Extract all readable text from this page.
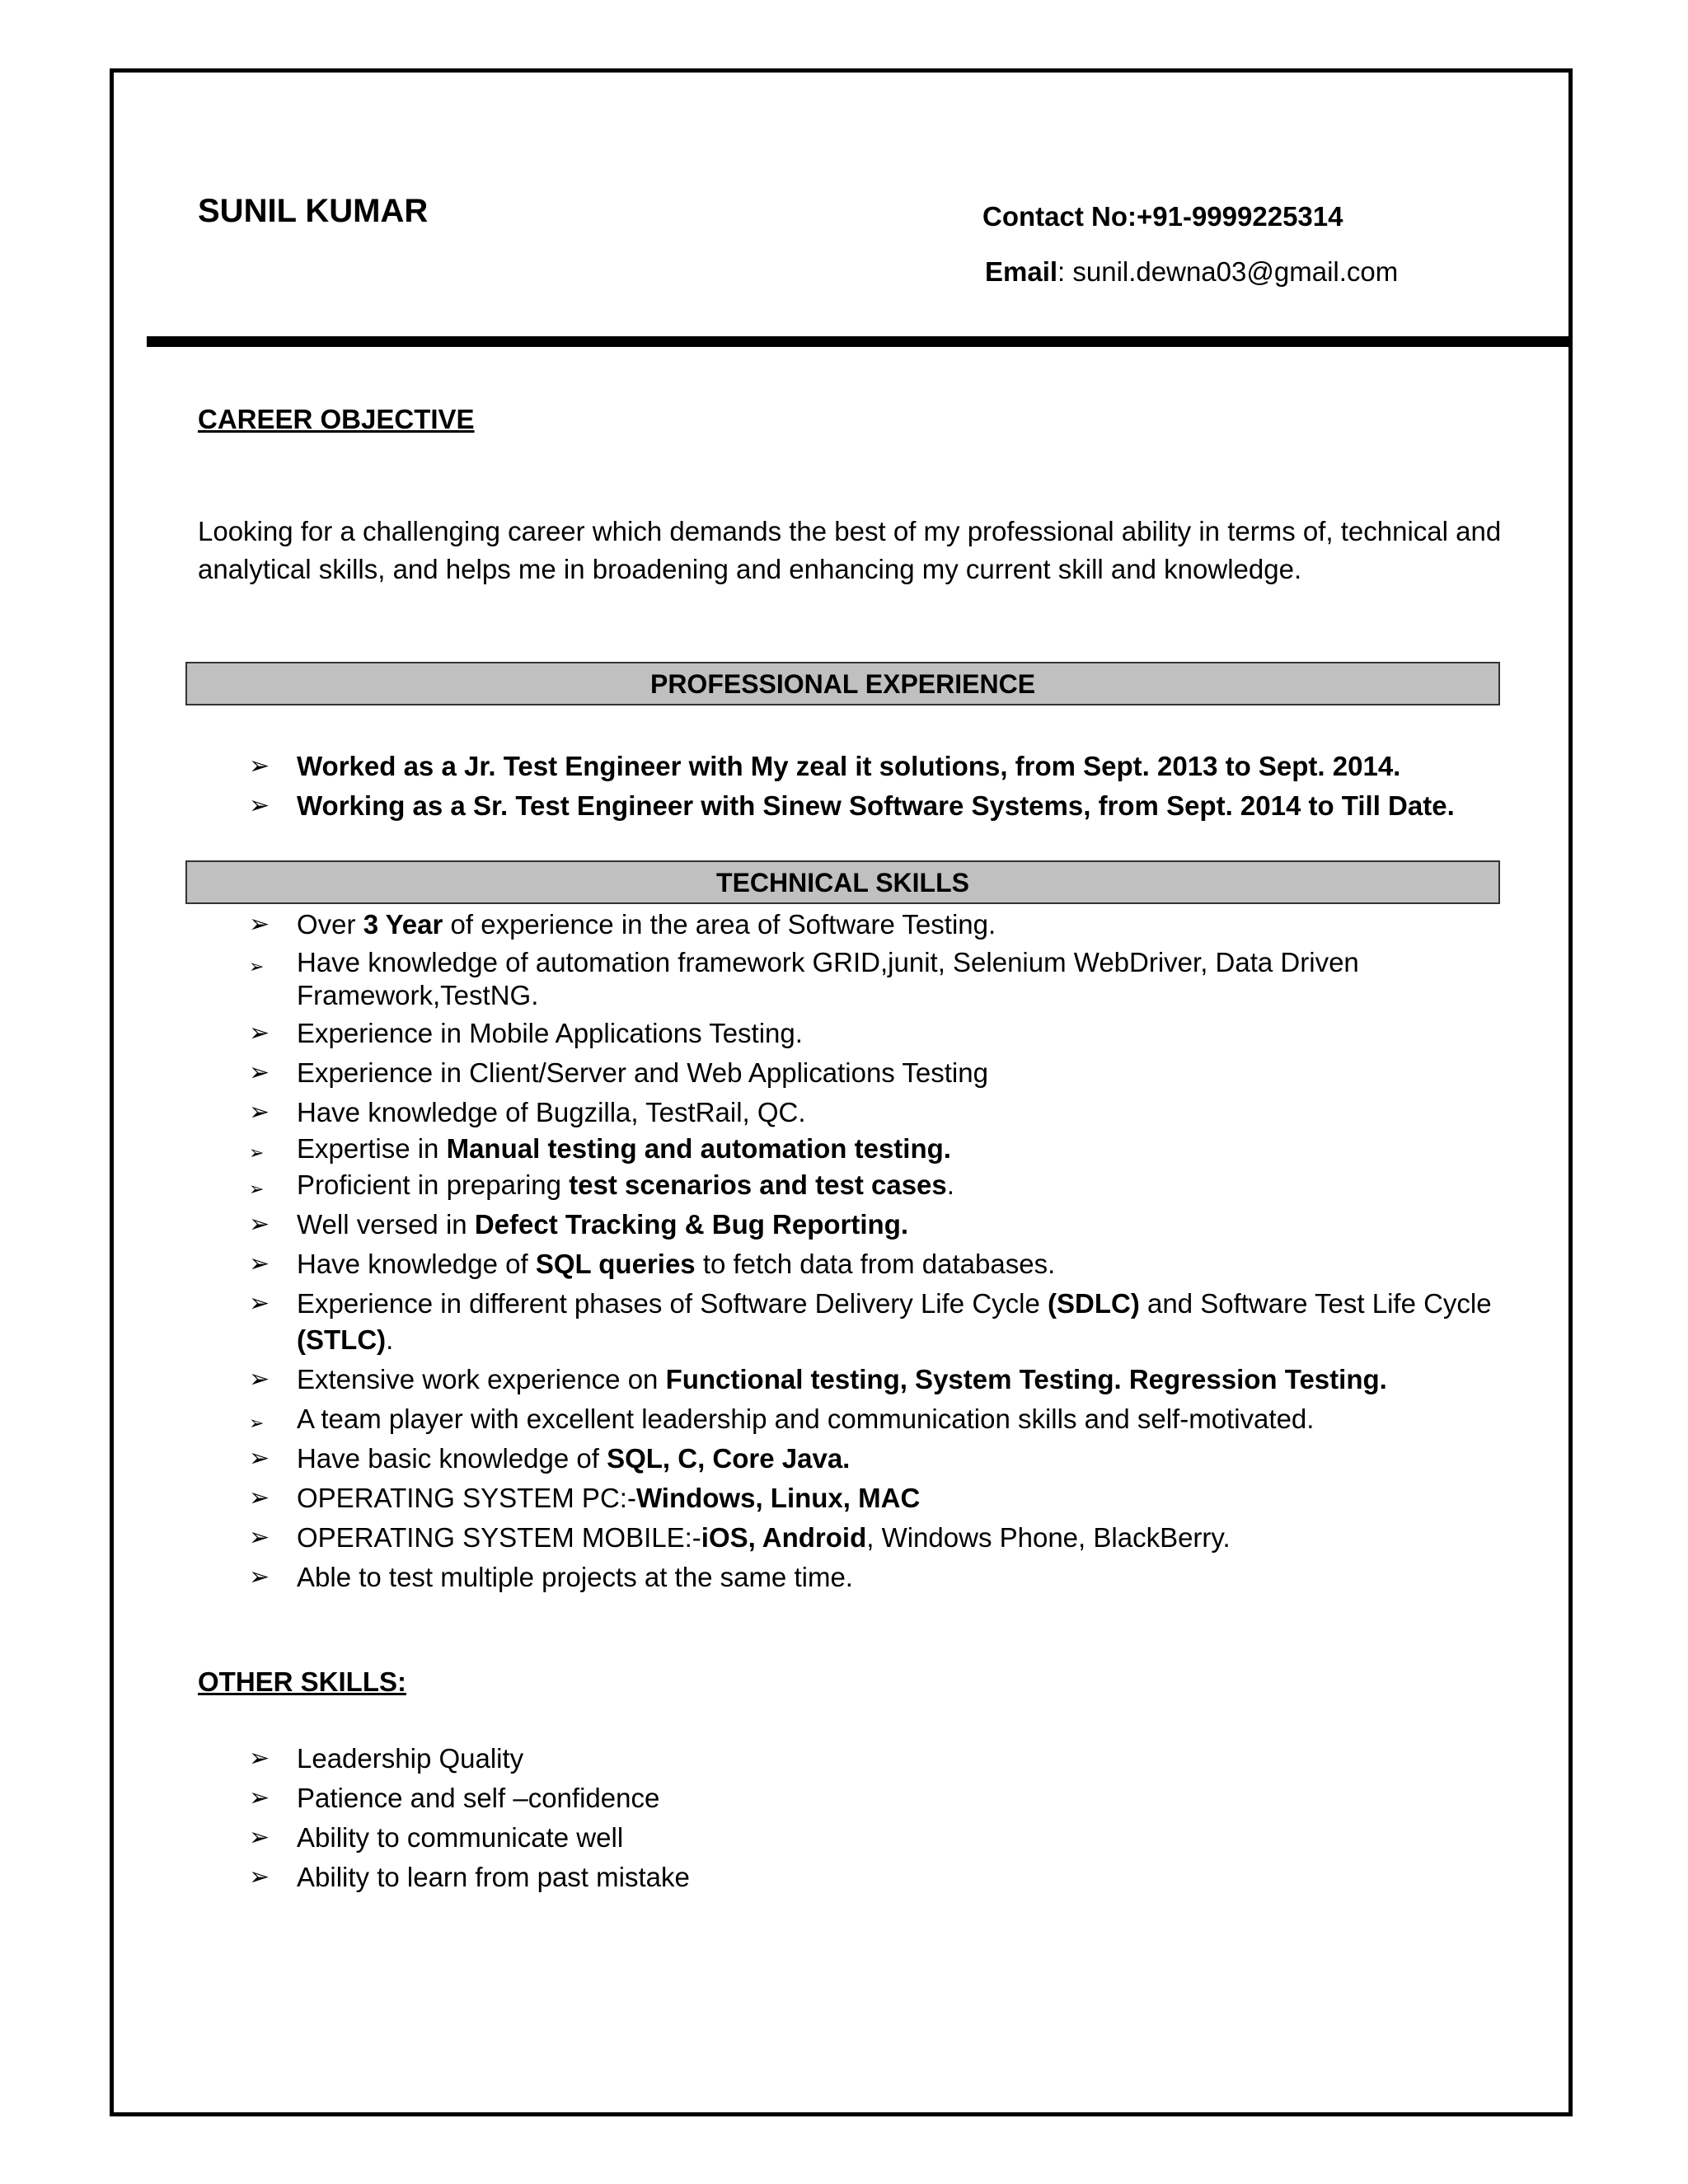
SUNIL KUMAR	Contact No:+91-9999225314
Email: sunil.dewna03@gmail.com
CAREER OBJECTIVE
Looking for a challenging career which demands the best of my professional ability in terms of, technical and analytical skills, and helps me in broadening and enhancing my current skill and knowledge.
PROFESSIONAL EXPERIENCE
➢ Worked as a Jr. Test Engineer with My zeal it solutions, from Sept. 2013 to Sept. 2014.
➢ Working as a Sr. Test Engineer with Sinew Software Systems, from Sept. 2014 to Till Date.
TECHNICAL SKILLS
➢ Over 3 Year of experience in the area of Software Testing.
➢ Have knowledge of automation framework GRID,junit, Selenium WebDriver, Data Driven Framework,TestNG.
➢ Experience in Mobile Applications Testing.
➢ Experience in Client/Server and Web Applications Testing
➢ Have knowledge of Bugzilla, TestRail, QC.
➢ Expertise in Manual testing and automation testing.
➢ Proficient in preparing test scenarios and test cases.
➢ Well versed in Defect Tracking & Bug Reporting.
➢ Have knowledge of SQL queries to fetch data from databases.
➢ Experience in different phases of Software Delivery Life Cycle (SDLC) and Software Test Life Cycle (STLC).
➢ Extensive work experience on Functional testing, System Testing. Regression Testing.
➢ A team player with excellent leadership and communication skills and self-motivated.
➢ Have basic knowledge of SQL, C, Core Java.
➢ OPERATING SYSTEM PC:-Windows, Linux, MAC
➢ OPERATING SYSTEM MOBILE:-iOS, Android, Windows Phone, BlackBerry.
➢ Able to test multiple projects at the same time.
OTHER SKILLS:
➢ Leadership Quality
➢ Patience and self –confidence
➢ Ability to communicate well
➢ Ability to learn from past mistake
